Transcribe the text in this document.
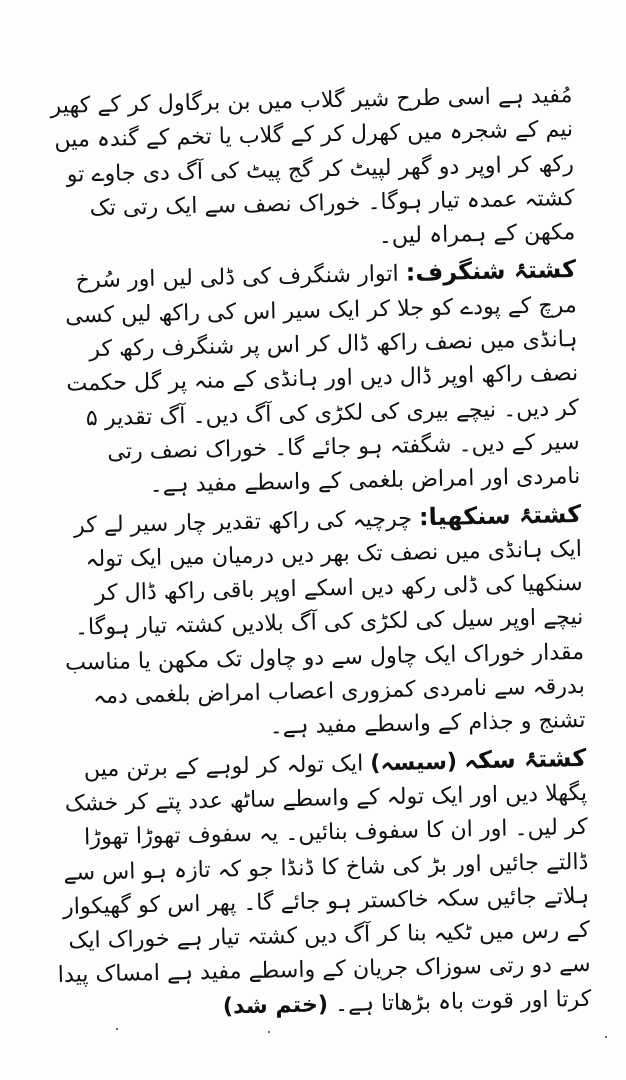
مُفید ہے اسی طرح شیر گلاب میں بن برگاول کر کے کھیر نیم کے شجرہ میں کھرل کر کے گلاب یا تخم کے گندہ میں رکھ کر اوپر دو گھر لپیٹ کر گج پیٹ کی آگ دی جاوے تو کشتہ عمدہ تیار ہوگا۔ خوراک نصف سے ایک رتی تک مکھن کے ہمراہ لیں۔

کشتۂ شنگرف: اتوار شنگرف کی ڈلی لیں اور سُرخ مرچ کے پودے کو جلا کر ایک سیر اس کی راکھ لیں کسی ہانڈی میں نصف راکھ ڈال کر اس پر شنگرف رکھ کر نصف راکھ اوپر ڈال دیں اور ہانڈی کے منہ پر گل حکمت کر دیں۔ نیچے بیری کی لکڑی کی آگ دیں۔ آگ تقدیر ۵ سیر کے دیں۔ شگفتہ ہو جائے گا۔ خوراک نصف رتی نامردی اور امراض بلغمی کے واسطے مفید ہے۔

کشتۂ سنکھیا: چرچیہ کی راکھ تقدیر چار سیر لے کر ایک ہانڈی میں نصف تک بھر دیں درمیان میں ایک تولہ سنکھیا کی ڈلی رکھ دیں اسکے اوپر باقی راکھ ڈال کر نیچے اوپر سیل کی لکڑی کی آگ بلادیں کشتہ تیار ہوگا۔ مقدار خوراک ایک چاول سے دو چاول تک مکھن یا مناسب بدرقہ سے نامردی کمزوری اعصاب امراض بلغمی دمہ تشنج و جذام کے واسطے مفید ہے۔

کشتۂ سکہ (سیسہ) ایک تولہ کر لوہے کے برتن میں پگھلا دیں اور ایک تولہ کے واسطے ساٹھ عدد پتے کر خشک کر لیں۔ اور ان کا سفوف بنائیں۔ یہ سفوف تھوڑا تھوڑا ڈالتے جائیں اور بڑ کی شاخ کا ڈنڈا جو کہ تازہ ہو اس سے ہلاتے جائیں سکہ خاکستر ہو جائے گا۔ پھر اس کو گھیکوار کے رس میں ٹکیہ بنا کر آگ دیں کشتہ تیار ہے خوراک ایک سے دو رتی سوزاک جریان کے واسطے مفید ہے امساک پیدا کرتا اور قوت باہ بڑھاتا ہے۔ (ختم شد)
